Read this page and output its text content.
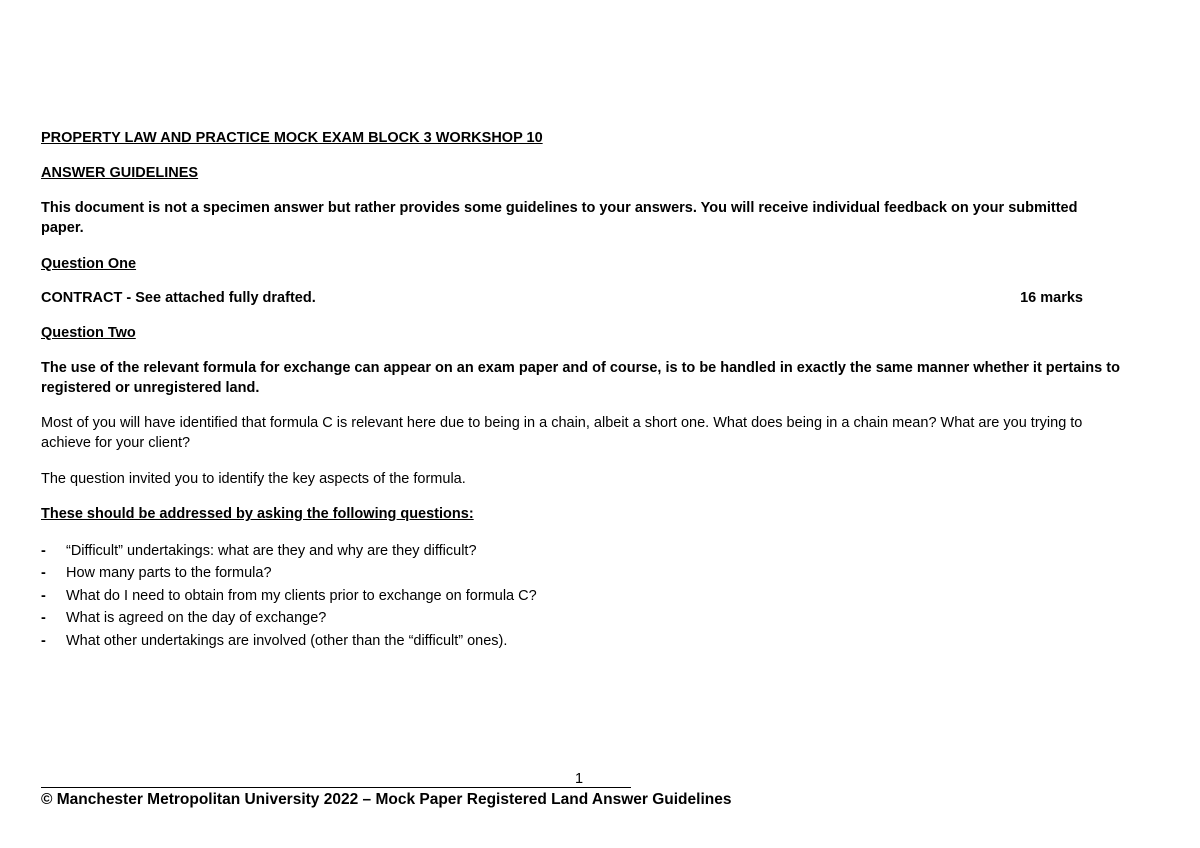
PROPERTY LAW AND PRACTICE MOCK EXAM BLOCK 3 WORKSHOP 10
ANSWER GUIDELINES
This document is not a specimen answer but rather provides some guidelines to your answers. You will receive individual feedback on your submitted paper.
Question One
CONTRACT - See attached fully drafted.	16 marks
Question Two
The use of the relevant formula for exchange can appear on an exam paper and of course, is to be handled in exactly the same manner whether it pertains to registered or unregistered land.
Most of you will have identified that formula C is relevant here due to being in a chain, albeit a short one. What does being in a chain mean? What are you trying to achieve for your client?
The question invited you to identify the key aspects of the formula.
These should be addressed by asking the following questions:
- “Difficult” undertakings: what are they and why are they difficult?
- How many parts to the formula?
- What do I need to obtain from my clients prior to exchange on formula C?
- What is agreed on the day of exchange?
- What other undertakings are involved (other than the “difficult” ones).
1
© Manchester Metropolitan University 2022 – Mock Paper Registered Land Answer Guidelines
